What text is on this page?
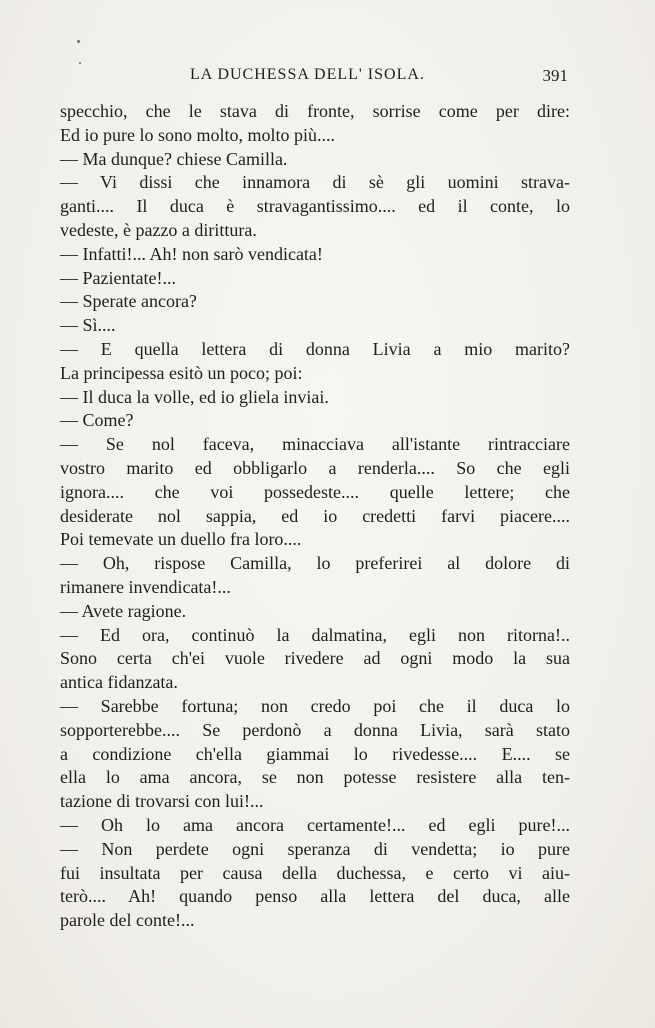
LA DUCHESSA DELL' ISOLA.	391
specchio, che le stava di fronte, sorrise come per dire:
Ed io pure lo sono molto, molto più....
— Ma dunque? chiese Camilla.
— Vi dissi che innamora di sè gli uomini strava-
ganti.... Il duca è stravagantissimo.... ed il conte, lo
vedeste, è pazzo a dirittura.
— Infatti!... Ah! non sarò vendicata!
— Pazientate!...
— Sperate ancora?
— Sì....
— E quella lettera di donna Livia a mio marito?
La principessa esitò un poco; poi:
— Il duca la volle, ed io gliela inviai.
— Come?
— Se nol faceva, minacciava all'istante rintracciare
vostro marito ed obbligarlo a renderla.... So che egli
ignora.... che voi possedeste.... quelle lettere; che
desiderate nol sappia, ed io credetti farvi piacere....
Poi temevate un duello fra loro....
— Oh, rispose Camilla, lo preferirei al dolore di
rimanere invendicata!...
— Avete ragione.
— Ed ora, continuò la dalmatina, egli non ritorna!..
Sono certa ch'ei vuole rivedere ad ogni modo la sua
antica fidanzata.
— Sarebbe fortuna; non credo poi che il duca lo
sopporterebbe.... Se perdonò a donna Livia, sarà stato
a condizione ch'ella giammai lo rivedesse.... E.... se
ella lo ama ancora, se non potesse resistere alla ten-
tazione di trovarsi con lui!...
— Oh lo ama ancora certamente!... ed egli pure!...
— Non perdete ogni speranza di vendetta; io pure
fui insultata per causa della duchessa, e certo vi aiu-
terò.... Ah! quando penso alla lettera del duca, alle
parole del conte!...
